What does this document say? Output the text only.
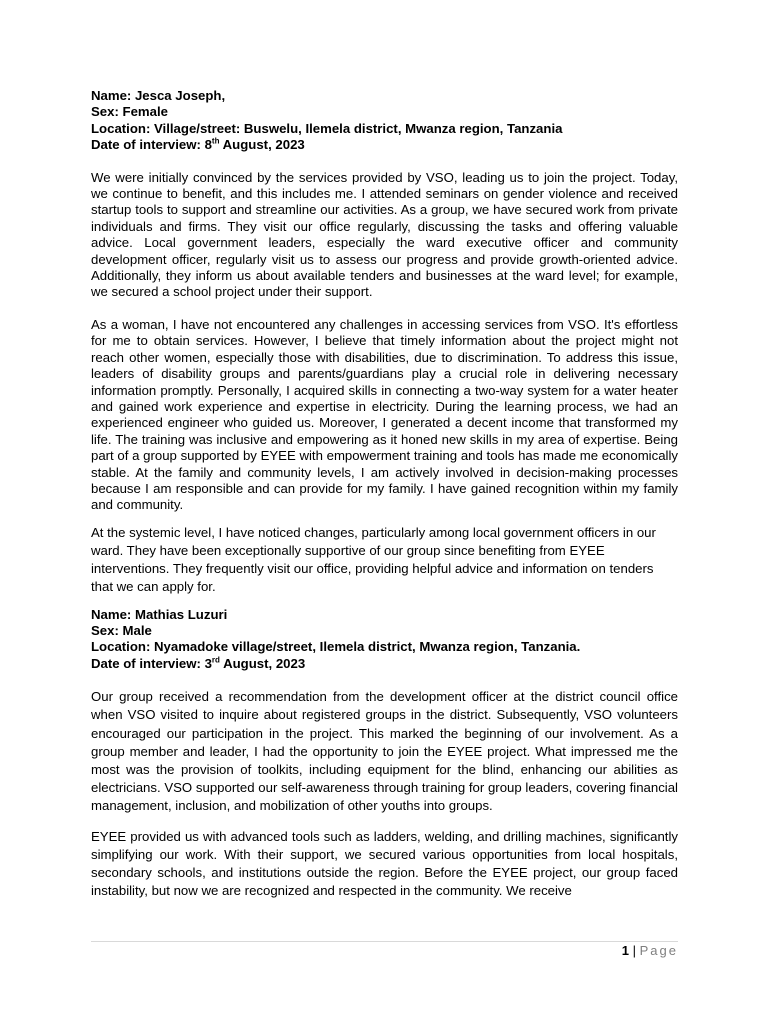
Name: Jesca Joseph,

Sex: Female

Location: Village/street: Buswelu, Ilemela district, Mwanza region, Tanzania

Date of interview: 8th August, 2023

We were initially convinced by the services provided by VSO, leading us to join the project. Today, we continue to benefit, and this includes me. I attended seminars on gender violence and received startup tools to support and streamline our activities. As a group, we have secured work from private individuals and firms. They visit our office regularly, discussing the tasks and offering valuable advice. Local government leaders, especially the ward executive officer and community development officer, regularly visit us to assess our progress and provide growth-oriented advice. Additionally, they inform us about available tenders and businesses at the ward level; for example, we secured a school project under their support.

As a woman, I have not encountered any challenges in accessing services from VSO. It's effortless for me to obtain services. However, I believe that timely information about the project might not reach other women, especially those with disabilities, due to discrimination. To address this issue, leaders of disability groups and parents/guardians play a crucial role in delivering necessary information promptly. Personally, I acquired skills in connecting a two-way system for a water heater and gained work experience and expertise in electricity. During the learning process, we had an experienced engineer who guided us. Moreover, I generated a decent income that transformed my life. The training was inclusive and empowering as it honed new skills in my area of expertise. Being part of a group supported by EYEE with empowerment training and tools has made me economically stable. At the family and community levels, I am actively involved in decision-making processes because I am responsible and can provide for my family. I have gained recognition within my family and community.

At the systemic level, I have noticed changes, particularly among local government officers in our ward. They have been exceptionally supportive of our group since benefiting from EYEE interventions. They frequently visit our office, providing helpful advice and information on tenders that we can apply for.

Name: Mathias Luzuri

Sex: Male

Location: Nyamadoke village/street, Ilemela district, Mwanza region, Tanzania.

Date of interview: 3rd August, 2023

Our group received a recommendation from the development officer at the district council office when VSO visited to inquire about registered groups in the district. Subsequently, VSO volunteers encouraged our participation in the project. This marked the beginning of our involvement. As a group member and leader, I had the opportunity to join the EYEE project. What impressed me the most was the provision of toolkits, including equipment for the blind, enhancing our abilities as electricians. VSO supported our self-awareness through training for group leaders, covering financial management, inclusion, and mobilization of other youths into groups.

EYEE provided us with advanced tools such as ladders, welding, and drilling machines, significantly simplifying our work. With their support, we secured various opportunities from local hospitals, secondary schools, and institutions outside the region. Before the EYEE project, our group faced instability, but now we are recognized and respected in the community. We receive

1 | Page
